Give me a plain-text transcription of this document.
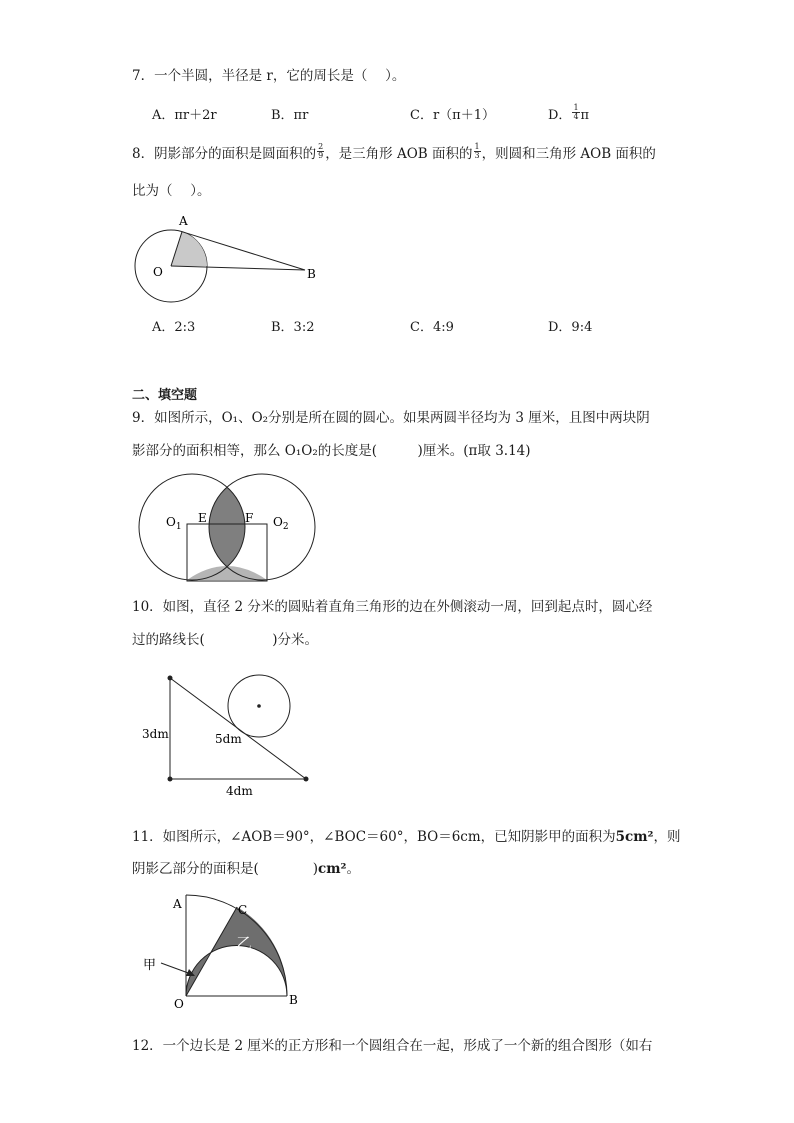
7．一个半圆，半径是 r，它的周长是（　 ）。
A．πr＋2r	B．πr	C．r（π＋1）	D． $\frac{1}{4}$ π
8．阴影部分的面积是圆面积的 $\frac{2}{9}$ ，是三角形 AOB 面积的 $\frac{1}{3}$ ，则圆和三角形 AOB 面积的
比为（　 ）。
A
O	B
A．2:3	B．3:2	C．4:9	D．9:4
二、填空题
9．如图所示，O₁、O₂分别是所在圆的圆心。如果两圆半径均为 3 厘米，且图中两块阴
影部分的面积相等，那么 O₁O₂的长度是(　　　)厘米。(π取 3.14)
$O_1$
E	F $O_2$
10．如图，直径 2 分米的圆贴着直角三角形的边在外侧滚动一周，回到起点时，圆心经
过的路线长(　　　　　)分米。
3dm	5dm
4dm
11．如图所示，∠AOB＝90°，∠BOC＝60°，BO＝6cm，已知阴影甲的面积为5cm²，则
阴影乙部分的面积是(　　　　)cm²。
A	C
乙
甲
O	B
12．一个边长是 2 厘米的正方形和一个圆组合在一起，形成了一个新的组合图形（如右
